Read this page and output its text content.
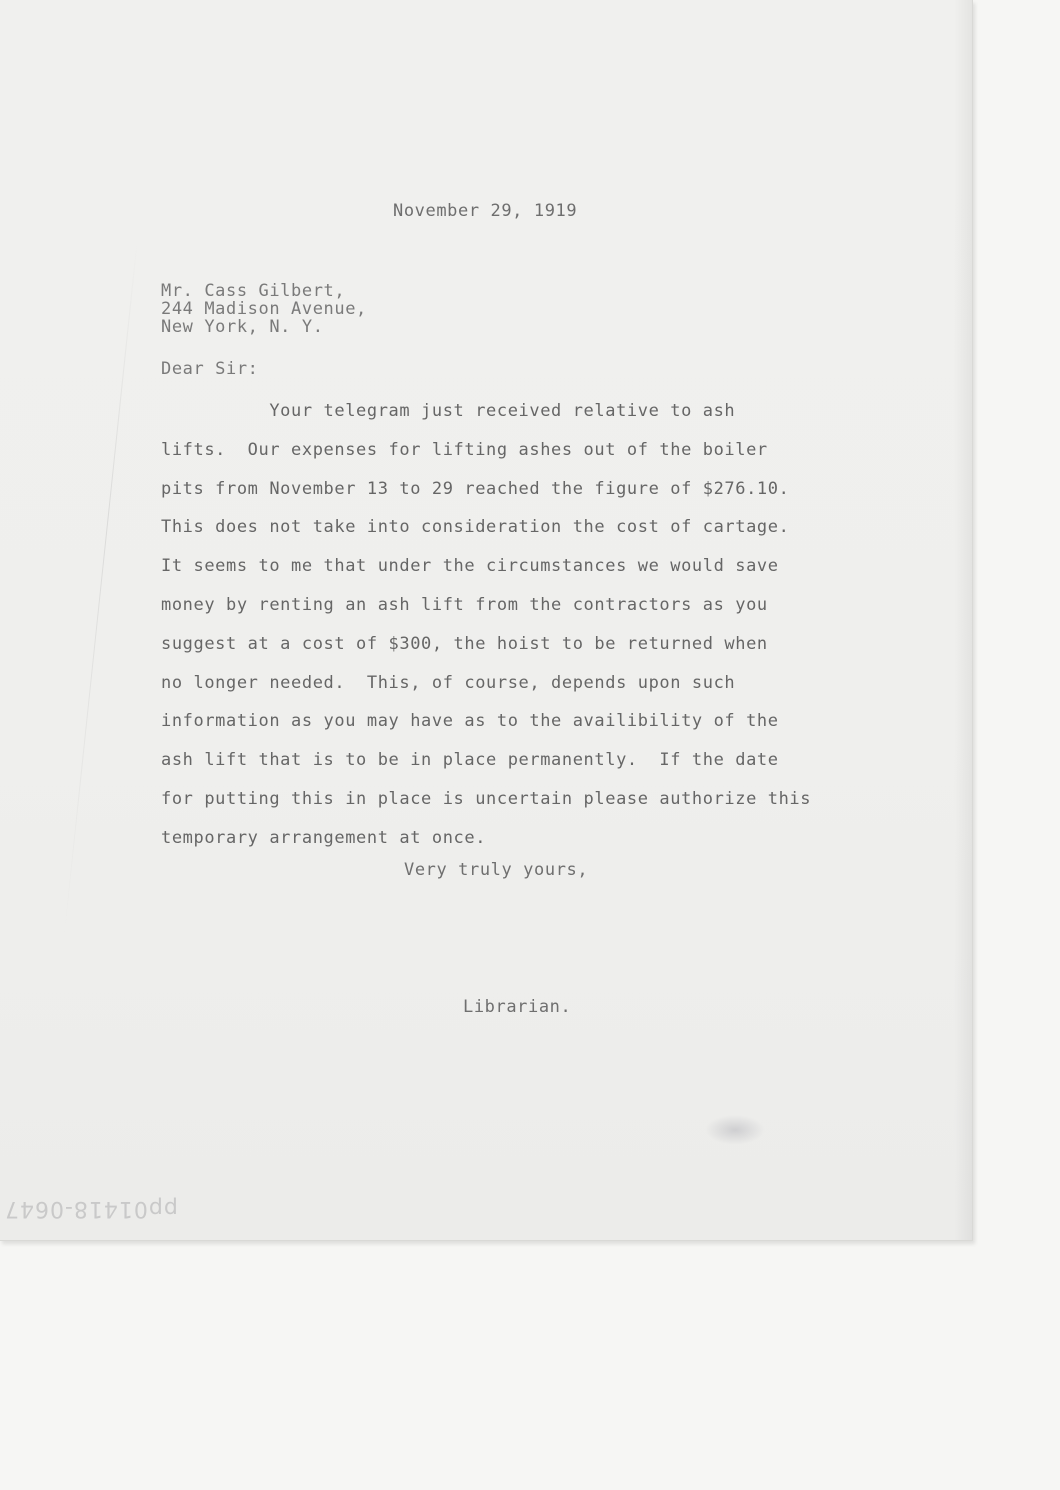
November 29, 1919
Mr. Cass Gilbert,
244 Madison Avenue,
New York, N. Y.
Dear Sir:
Your telegram just received relative to ash
lifts.  Our expenses for lifting ashes out of the boiler
pits from November 13 to 29 reached the figure of $276.10.
This does not take into consideration the cost of cartage.
It seems to me that under the circumstances we would save
money by renting an ash lift from the contractors as you
suggest at a cost of $300, the hoist to be returned when
no longer needed.  This, of course, depends upon such
information as you may have as to the availibility of the
ash lift that is to be in place permanently.  If the date
for putting this in place is uncertain please authorize this
temporary arrangement at once.
Very truly yours,
Librarian.
pp01418-0647
